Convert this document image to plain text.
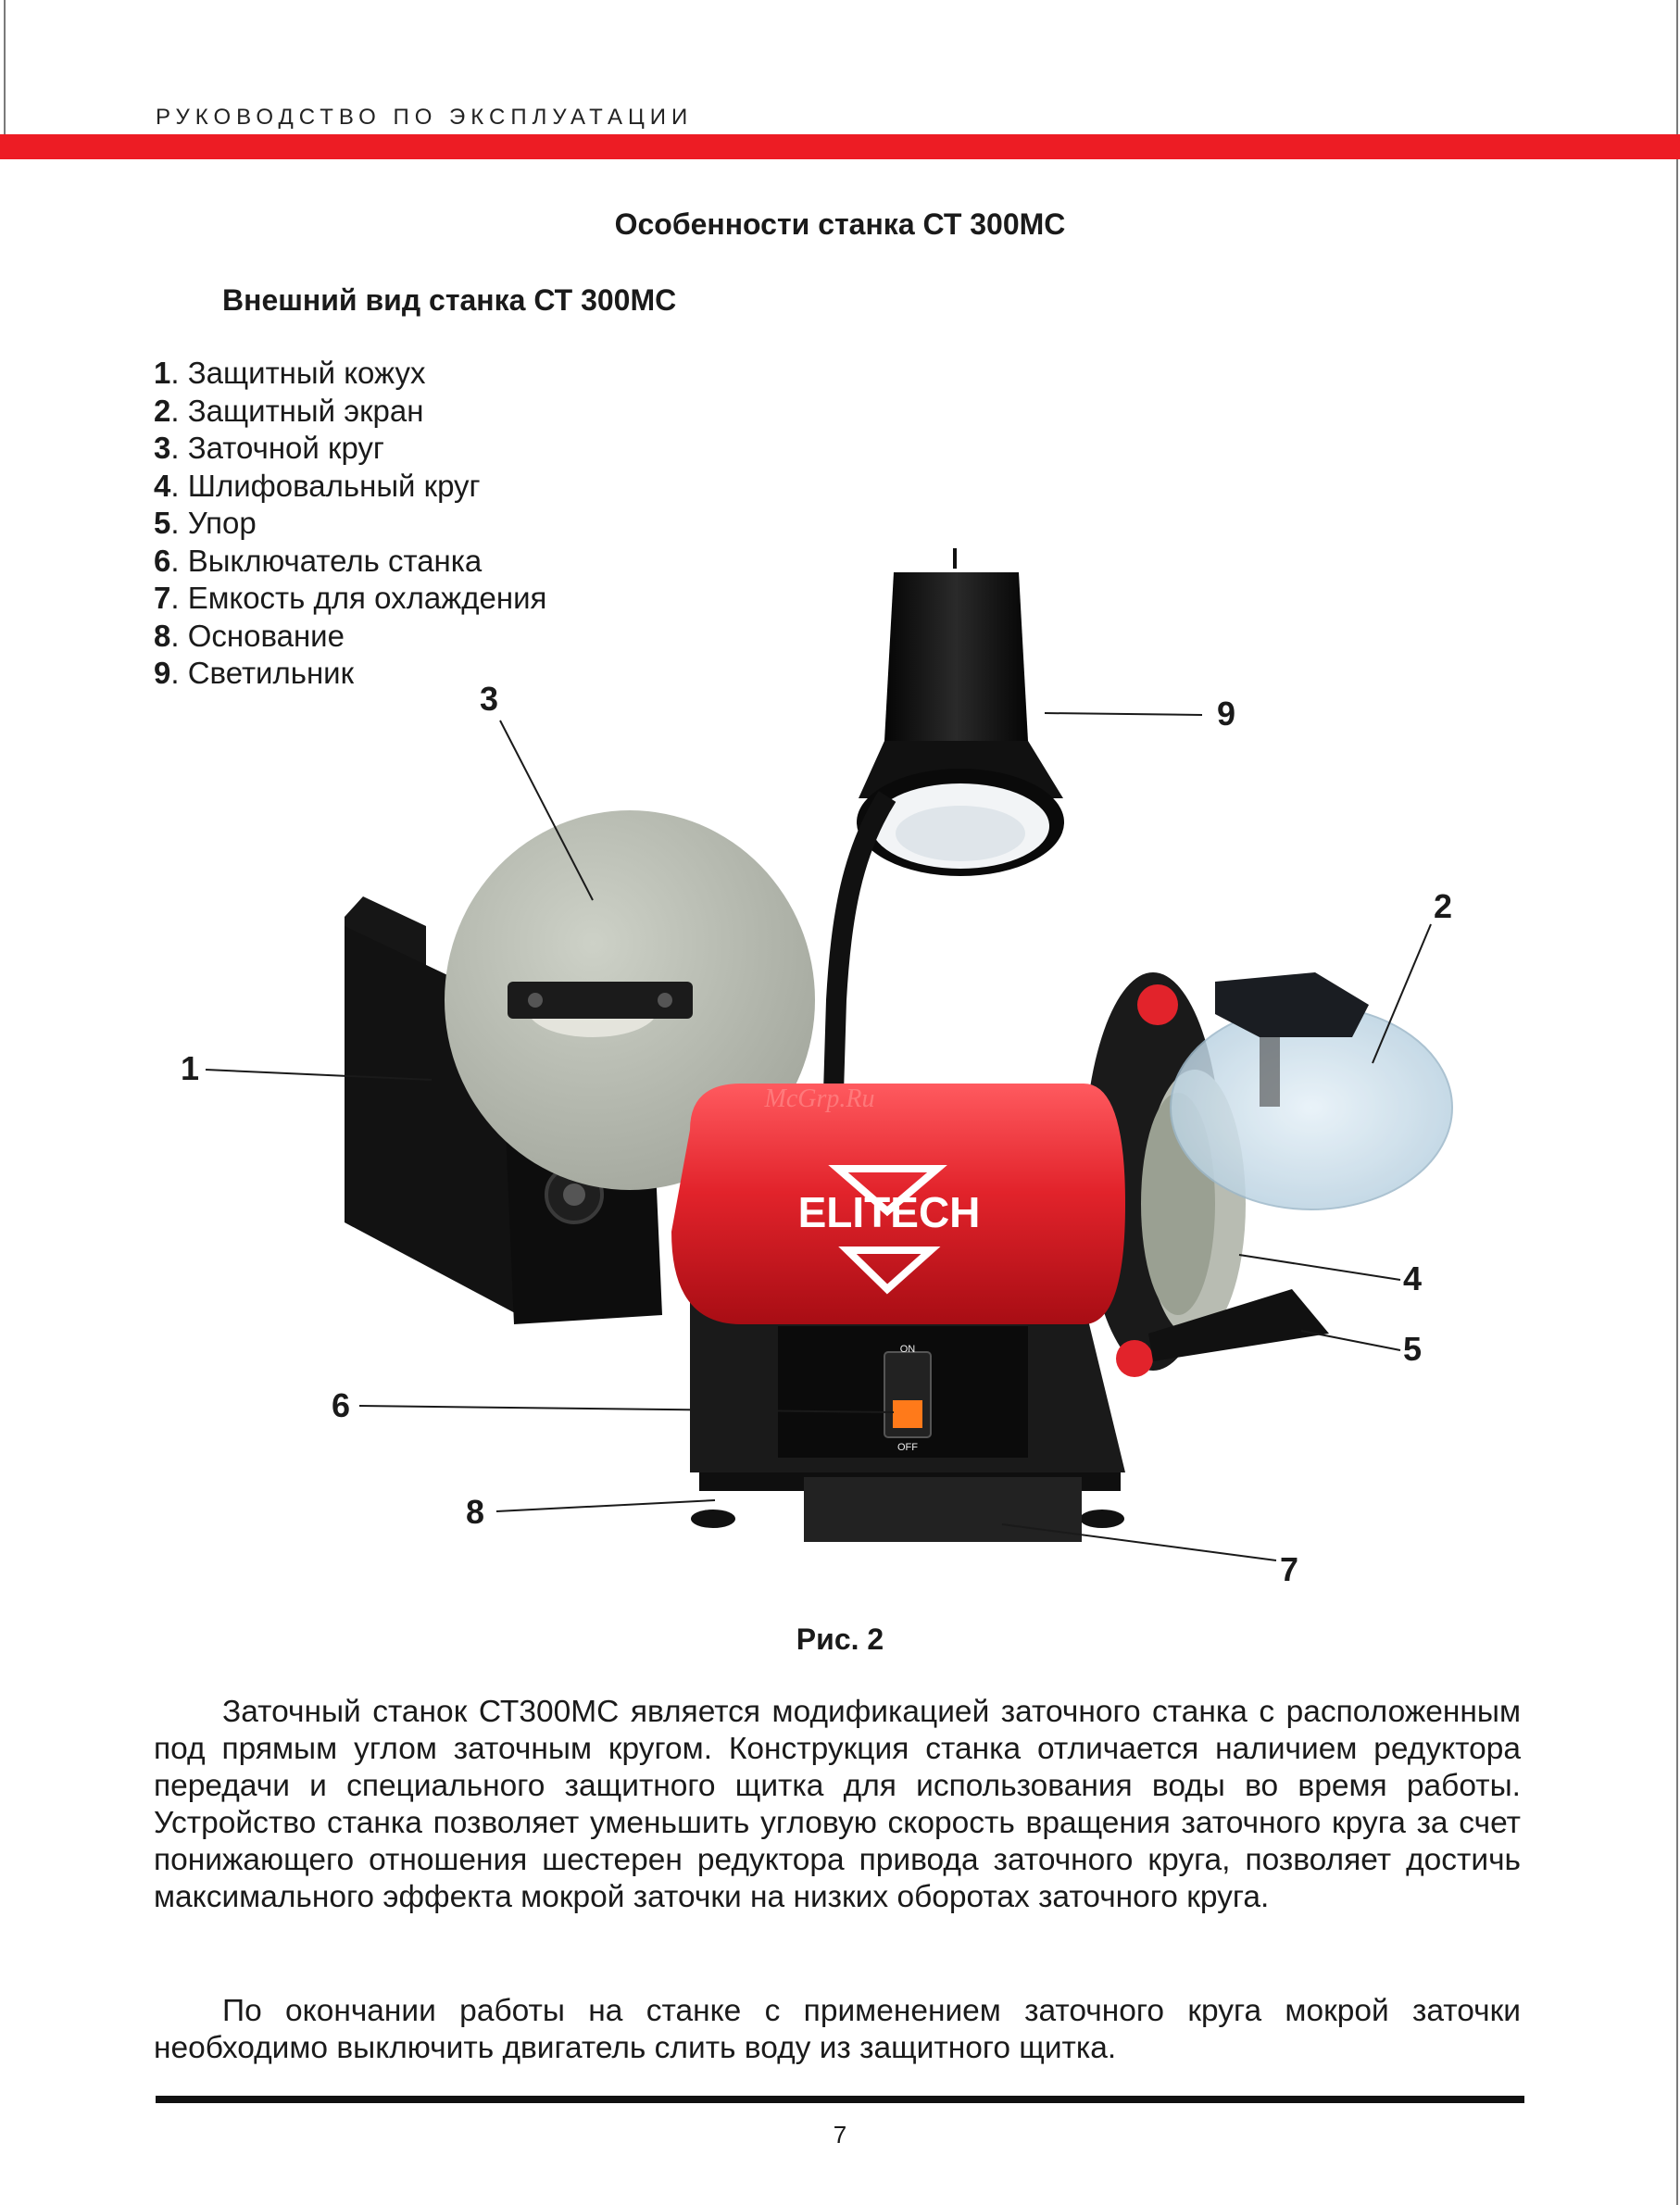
РУКОВОДСТВО ПО ЭКСПЛУАТАЦИИ
Особенности станка СТ 300МС
Внешний вид станка СТ 300МС
1. Защитный кожух
2. Защитный экран
3. Заточной круг
4. Шлифовальный круг
5. Упор
6. Выключатель станка
7. Емкость для охлаждения
8. Основание
9. Светильник
ON
OFF
ELITECH
McGrp.Ru
3
2
1
4
5
6
8
7
9
Рис. 2

Заточный станок СТ300МС является модификацией заточного станка с расположенным под прямым углом заточным кругом. Конструкция станка отличается наличием редуктора передачи и специального защитного щитка для использования воды во время работы. Устройство станка позволяет уменьшить угловую скорость вращения заточного круга за счет понижающего отношения шестерен редуктора привода заточного круга, позволяет достичь максимального эффекта мокрой заточки на низких оборотах заточного круга.

По окончании работы на станке с применением заточного круга мокрой заточки необходимо выключить двигатель слить воду из защитного щитка.

7
